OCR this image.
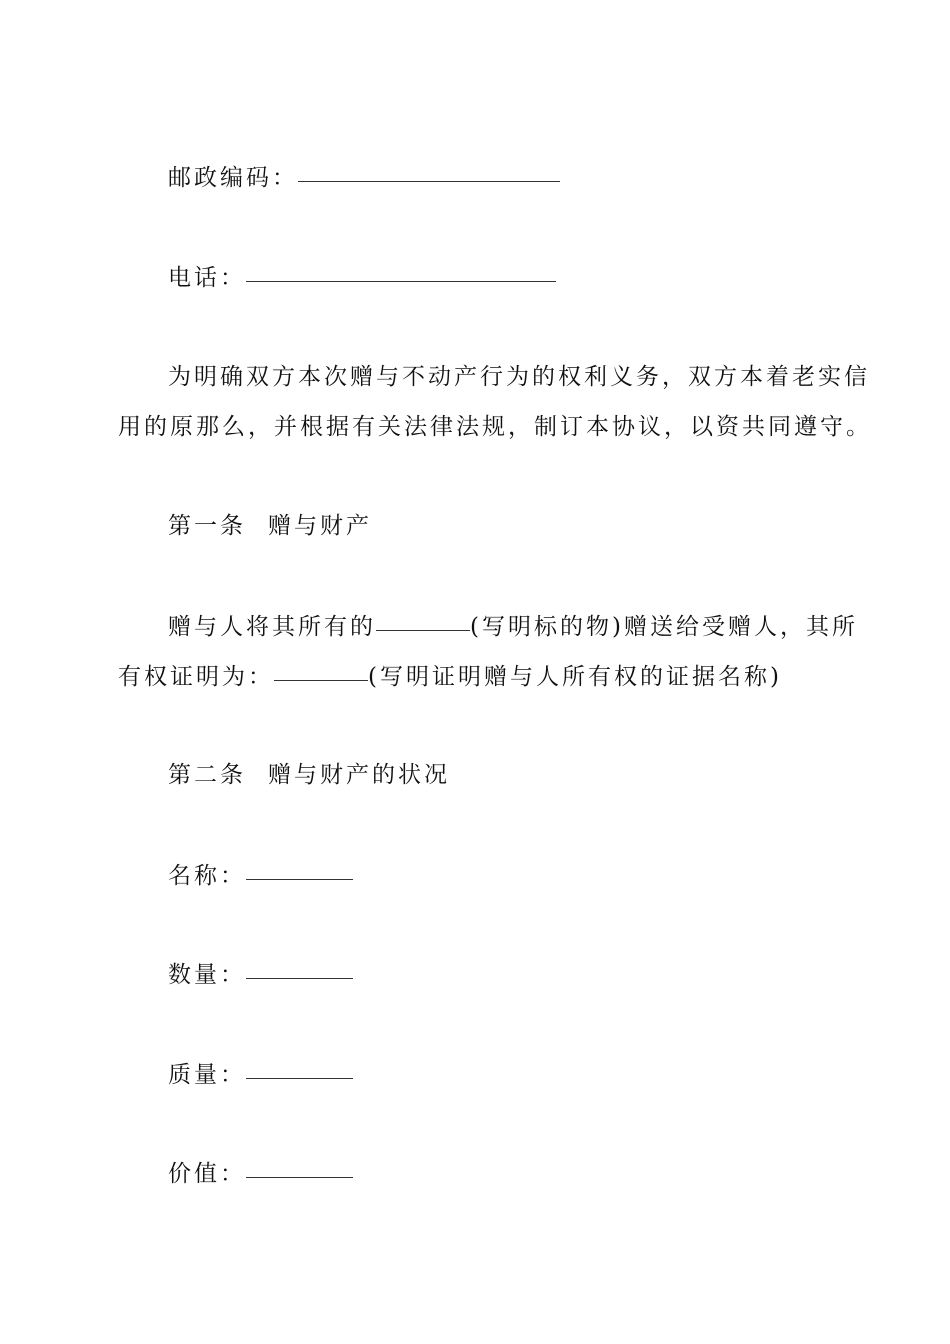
邮政编码：
电话：
为明确双方本次赠与不动产行为的权利义务，双方本着老实信
用的原那么，并根据有关法律法规，制订本协议，以资共同遵守。
第一条 赠与财产
赠与人将其所有的	(写明标的物)赠送给受赠人，其所
有权证明为：	(写明证明赠与人所有权的证据名称)
第二条 赠与财产的状况
名称：
数量：
质量：
价值：
